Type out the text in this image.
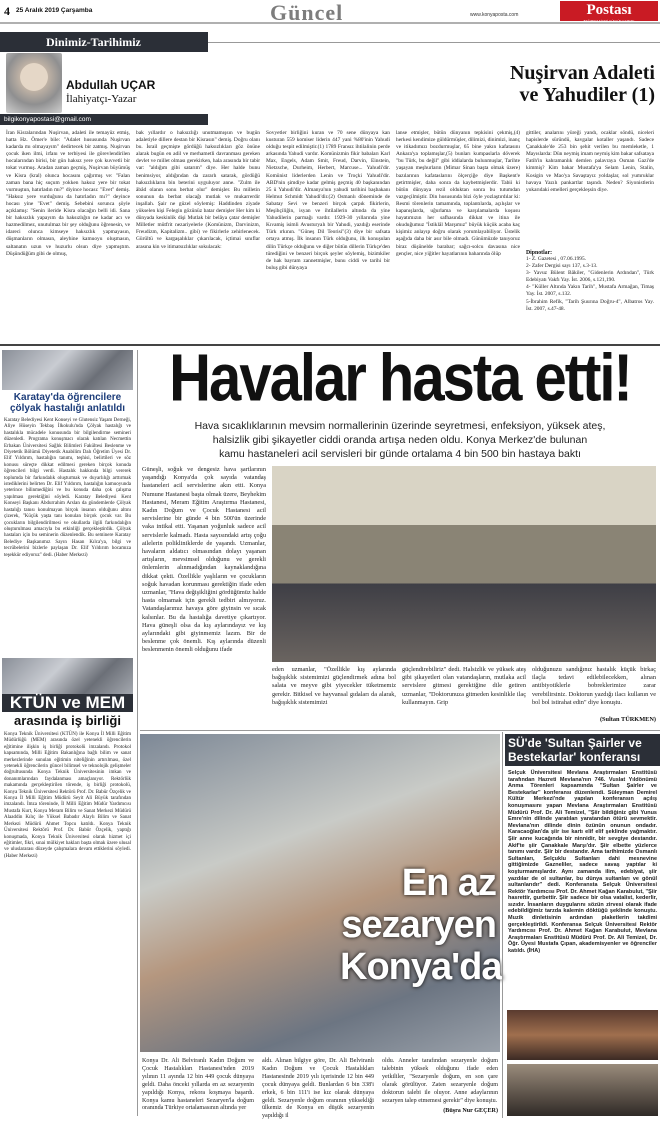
4 25 Aralık 2019 Çarşamba	Güncel	www.konyaposta.com	Postası
BAĞIMSIZ SİYASİ GÜNLÜK GAZETE
Dinimiz-Tarihimiz
Abdullah UÇAR
İlahiyatçı-Yazar
bilgikonyapostasi@gmail.com
Nuşirvan Adaleti
ve Yahudiler (1)
İran Kisralarından Nuşirvan, adaleti ile temayüz etmiş, hatta Hz. Ömer'e bile: "Adalet hususunda Nuşirvan kadarda mı olmayayım" dedirtecek bir zatmış. Nuşirvan çocuk iken ilmi, irfanı ve terbiyesi ile görevlendirilen hocalarından birisi, bir gün haksız yere çok kuvvetli bir tokat vurmuş. Aradan zaman geçmiş, Nuşirvan büyümüş ve Kisra (kral) olunca hocasını çağırmış ve: "Falan zaman bana hiç suçum yokken haksız yere bir tokat vurmuştun, hatırladın mı?" diyince hocası: "Evet" demiş. "Haksız yere vurduğunu da hatırladın mı?" deyince hocası yine "Evet" demiş. Sebebini sorunca şöyle açıklamış: "Senin ileride Kisra olacağın belli idi. Sana bir haksızlık yapayım da haksızlığın ne kadar acı ve hazmedilmez, unutulmaz bir şey olduğunu öğrenesin, ve idareci olunca kimseye haksızlık yapmayasın, düşmanların olmasın, aleyhine kamuoyu oluşmasın, saltanatın uzun ve huzurlu olsun diye yapmıştım. Düşündüğüm gibi de olmuş,
bak yıllardır o haksızlığı unutmamışsın ve bugün adaletiyle dillere destan bir Kisrasın" demiş. Doğru olanı bu. İsrail geçmişte gördüğü haksızlıkları göz önüne alarak bugün en adil ve merhametli davranması gereken devlet ve millet olması gerekirken, hala arasında bir tabir var: "aldığım gibi satarım" diye. Her halde bunu benimsiyor, aldığından da zararlı satarak, gördüğü haksızlıkların bin beterini uyguluyor anne. "Zulm ile âbâd olanın sonu berbat olur" demişler. Bu milletin sonunun da berbat olacağı mutlak ve mukarrerdir inşallah. Şair ne güzel söylemiş: Haddinden ziyade yükselen kişi Felegin gözünüz batar demişler Her kim ki dünyada keskinlik dişi Mutlak bir belâya çatar demişler Milletler mütfrit nezariyelerle (Komünizm, Darvinizm, Freudizm, Kapitalizm.. gibi) ve fikirlerle zehirlenecek. Gürültü ve kargaşalıklar çıkarılacak, içtimai sınıflar arasına kin ve itimatsızlıklar sokulacak:
Sovyetler birliğini kuran ve 70 sene dünyaya kan kusturan 559 komiser liderin 447 yani %80'inin Yahudi olduğu tespit edilmiştir.(1) 1789 Fransız ihtilalinin perde arkasında Yahudi vardır. Komünizmin fikir babaları Karl Max, Engels, Adam Smit, Freud, Darvin, Einstein, Nietzsche, Durheim, Herbert, Marcuse... Yahudi'dir. Komünist liderlerden Lenin ve Troçki Yahudi'dir. ABD'nin şimdiye kadar gelmiş geçmiş 40 başkanından 25 ü Yahudi'dir. Almanya'nın yahudi tarihini başbakanı Helmut Schmidt Yahudi'dir.(2) Osmanlı döneminde de Sabatay Sevi ve benzeri birçok çarpık fikirlerin, Meşihçiliğin, isyan ve ihtilallerin altında da yine Yahudilerin parmağı vardır. 1929-30 yıllarında yine Kıvamiş isimli Avusturyalı bir Yahudi, yazdığı eserinde Türk ırkının. "Güneş Dil Teorisi"(3) diye bir safsata ortaya atmış. İlk insanın Türk olduğunu, ilk konuşulan dilin Türkçe olduğunu ve diğer bütün dillerin Türkçe'den türediğini ve benzeri birçok şeyler söylemiş, bizimkiler de hak bayram zannetmişler, bunu ciddi ve tarihi bir buluş gibi dünyaya
lanse etmişler, bütün dünyanın tepkisini çekmiş,(4) herkesi kendimize güldürmüşler, dilimizi, dinimizi, inanç ve itikadımızı bozdurmuşlar, 65 bine yakın kafatasını Ankara'ya toplamışlar,(5) bunları kumpaslarla döverek "bu Türk, bu değil" gibi iddialarda bulunmuşlar, Tarihte yaşayan meşhurların (Mimar Sinan başta olmak üzere) bazılarının kafataslarını ölçerçiğe diye Başkent'e getirtmişler, daha sonra da kaybetmişlerdir. Tabii ki bütün dünyaya rezil olduktan sonra bu tutumdan vazgeçilmiştir. Din hususunda bizi öyle yozlaştırdılar ki: Resmi törenlerin tamamında, toplantılarda, açılışlar ve kapanışlarda, uğurlama ve karşılamalarda koşusu hayatımızın her safhasında dikkat ve itina ile okuduğumuz "İstiklâl Marşımız" büyük küçük acaba kaç kişimiz anlayıp doğru olarak yorumlayabiliyor. Üstelik aşağıda daha bir asır bile olmadı. Günümüzde tanıyoruz biraz düşünelde barabar; sağcı-solcu davasına nice gençler, nice yiğitler hayatlarının baharında ölüp
gittiler, analarını yüreği yandı, ocaklar söndü, niceleri hapislerde süründü, kavgalar kotaller yaşandı. Sadece Çanakkale'de 253 bin şehit verilen bu memleketle, 1 Mayıslarda: Dün neymiş imam neymiş kim bakar safsataya Fatih'in kahramanlık demlen palavraya Osman Gazi'de kimmiş? Kim bakar Mustafa'ya Selam Lenin, Stalin, Kosigin ve Mao'ya Savaştayız yoldaşlar, sol yumruklar havaya Yazılı pankartlar taşındı. Neden? Siyonistlerin yukarıdaki emelleri gerçekleşsin diye.
Dipnotlar:
1- Z. Gazetesi , 07.06.1995.
2- Zafer Dergisi sayı 137, s.3-13.
3- Yavuz Bülent Bâkiler, "Gidenlerin Ardından", Türk Edebiyatı Vakfı Yay. İst. 2006, s.121,190.
4- "Küller Altında Yakın Tarih", Mustafa Armağan, Timaş Yay. İst. 2007, s.132.
5-İbrahim Refik, "Tarih Şuurına Doğru-4", Albatros Yay. İst. 2007, s.47-48.
Karatay'da öğrencilere
çölyak hastalığı anlatıldı
Karatay Belediyesi Kent Konseyi ve Glutensiz Yaşam Derneği, Aliye Hüseyin Tekbaş İlkokulu'nda Çölyak hastalığı ve hastalıkla mücadele konusunda bir bilgilendirme semineri düzenledi. Programa konuşmacı olarak katılan Necmettin Erbakan Üniversitesi Sağlık Bilimleri Fakültesi Beslenme ve Diyetetik Bölümü Diyetetik Anabilim Dalı Öğretim Üyesi Dr. Elif Yıldırım, hastalığın tanımı, teşhisi, belirtileri ve söz konusu süreçte dikkat edilmesi gereken birçok konuda öğrencileri bilgi verdi. Hastalık hakkında bilgi vererek toplumda bir farkındalık oluşturmak ve duyarlılığı arttırmak istediklerini belirten Dr. Elif Yıldırım, hastalığın kamuoyunda yeterince bilinmediğini ve bu konuda daha çok çalışma yapılması gerektiğini söyledi. Karatay Belediyesi Kent Konseyi Başkanı Abdurrahim Arslan da gündemlerde Çölyak hastalığı tanısı konulmayan birçok insanın olduğunu altını çizerek, "Küçük yaşta tanı konulan birçok çocuk var. Bu çocukların bilgilendirilmesi ve okullarda ilgili farkındalığın oluşturulması amacıyla bu etkinliği gerçekleştirdik. Çölyak hastaları için bu seminerin düzenlendik. Bu seminere Karatay Belediye Başkanımız Sayın Hasan Kılca'ya, bilgi ve tecrübelerini bizlerle paylaşan Dr. Elif Yıldırım hocamıza teşekkür ediyoruz" dedi. (Haber Merkezi)
KTÜN ve MEM
arasında iş birliği
Konya Teknik Üniversitesi (KTÜN) ile Konya İl Milli Eğitim Müdürlüğü (MEM) arasında özel yetenekli öğrencilerin eğitimine ilişkin iş birliği protokolü imzalandı. Protokol kapsamında, Milli Eğitim Bakanlığına bağlı bilim ve sanat merkezlerinde sunulan eğitimin niteliğinin artırılması, özel yetenekli öğrencilerin güncel bilimsel ve teknolojik gelişmeler doğrultusunda Konya Teknik Üniversitesinin imkan ve donanımlarından faydalanması amaçlanıyor. Rektörlük makamında gerçekleştirilen törende, iş birliği protokolü, Konya Teknik Üniversitesi Rektörü Prof. Dr. Babür Özçelik ve Konya İl Milli Eğitim Müdürü Seyit Ali Büyük tarafından imzalandı. İmza töreninde, İl Milli Eğitim Müdür Yardımcısı Mustafa Kurt, Konya Meram Bilim ve Sanat Merkezi Müdürü Alaaddin Kılıç ile Yüksel Babadır Alaylı Bilim ve Sanat Merkezi Müdürü Ahmet Topcu katıldı. Konya Teknik Üniversitesi Rektörü Prof. Dr. Babür Özçelik, yaptığı konuşmada, Konya Teknik Üniversitesi olarak hizmet içi eğitimler, fikri, sınai mülkiyet hakları başta olmak üzere ulusal ve uluslararası düzeyde çalışmalara devam ettiklerini söyledi. (Haber Merkezi)
Havalar hasta etti!
Hava sıcaklıklarının mevsim normallerinin üzerinde seyretmesi, enfeksiyon, yüksek ateş,
halsizlik gibi şikayetler ciddi oranda artışa neden oldu. Konya Merkez'de bulunan
kamu hastaneleri acil servisleri bir günde ortalama 4 bin 500 bin hastaya baktı
Güneşli, soğuk ve dengesiz hava şartlarının yaşandığı Konya'da çok sayıda vatandaş hastaneleri acil servislerine akın etti. Konya Numune Hastanesi başta olmak üzere, Beyhekim Hastanesi, Meram Eğitim Araştırma Hastanesi, Kadın Doğum ve Çocuk Hastanesi acil servislerine bir günde 4 bin 500'ün üzerinde vaka intikal etti. Yaşanan yoğunluk sadece acil servislerle kalmadı. Hasta sayısındaki artış çoğu ailelerin polikliniklerde de yaşandı. Uzmanlar, havaların aldatıcı olmasından dolayı yaşanan artışların, mevsimsel olduğunu ve gerekli önlemlerin alınmadığından kaynaklandığına dikkat çekti. Özellikle yaşlıların ve çocukların soğuk havadan korunması gerektiğin ifade eden uzmanlar, "Hava değişikliğini gördüğümüz halde hasta olmamak için gerekli tedbiri almıyoruz. Vatandaşlarımız havaya göre giyinsin ve sıcak kalsınlar. Bu da hastalığa davetiye çıkartıyor. Hava güneşli olsa da kış aylarındayız ve kış aylarındaki gibi giyinmemiz lazım. Bir de beslenme çok önemli. Kış aylarında düzenli beslenmenin önemli olduğunu ifade
eden uzmanlar, "Özellikle kış aylarında bağışıklık sistemimizi güçlendirmek adına bol salata ve meyve gibi yiyecekler tüketmemiz gerekir. Bitkisel ve hayvansal gıdaları da alarak, bağışıklık sistemimizi
güçlendirebiliriz" dedi. Halsizlik ve yüksek ateş gibi şikayetleri olan vatandaşların, mutlaka acil servislere gitmesi gerektiğine dile getiren uzmanlar, "Doktorunuza gitmeden kesinlikle ilaç kullanmayın. Grip
olduğunuzu sandığınız hastalık küçük birkaç ilaçla tedavi edilebilecekken, alınan antibiyotiklerle bobreklerimize zarar verebilirsiniz. Doktorun yazdığı ilacı kullanın ve bol bol istirahat edin" diye konuştu.
(Sultan TÜRKMEN)
En az
sezaryen
Konya'da
Konya Dr. Ali Belviranlı Kadın Doğum ve Çocuk Hastalıkları Hastanesi'nden 2019 yılının 11 ayında 12 bin 449 çocuk dünyaya geldi. Daha önceki yıllarda en az sezaryenin yapıldığı Konya, rekora koşmaya başardı. Konya kamu hastaneleri Sezaryen'la doğum oranında Türkiye ortalamasının altında yer
aldı. Alınan bilgiye göre, Dr. Ali Belviranlı Kadın Doğum ve Çocuk Hastalıkları Hastanesinde 2019 yılı içerisinde 12 bin 449 çocuk dünyaya geldi. Bunlardan 6 bin 338'i erkek, 6 bin 111'i ise kız olarak dünyaya geldi. Sezaryenle doğum oranının yüksekliği ülkemiz de Konya en düşük sezaryenin yapıldığı il
oldu. Anneler tarafından sezaryenle doğum talebinin yüksek olduğunu ifade eden yetkililer, "Sezaryenle doğum, en son çare olarak görülüyor. Zaten sezaryenle doğum doktorun talebi ile oluyor. Anne adaylarının sezaryen talep etmemesi gerekir" diye konuştu.
(Büşra Nur GEÇER)
SÜ'de 'Sultan Şairler ve
Bestekarlar' konferansı
Selçuk Üniversitesi Mevlana Araştırmaları Enstitüsü tarafından Hazreti Mevlana'nın 746. Vuslat Yıldönümü Anma Törenleri kapsamında "Sultan Şairler ve Bestekarlar" konferansı düzenlendi. Süleyman Demirel Kültür Merkezi'nde yapılan konferansın açılış konuşmasını yapan Mevlana Araştırmaları Enstitüsü Müdürü Prof. Dr. Ali Temizel, "Şiir bildiğiniz gibi Yunus Emre'nin dilinde yaratılan yaratandan ötürü sevmektir. Mevlana'nın dilinde dinin özünün onunun ondadır. Karacaoğlan'da şiir ise kartı elif elif şeklinde yağmaktır. Şiir anne kucağında bir ninnidir, bir sevgiye destandır. Akif'te şiir Çanakkale Marşı'dır. Şiir elbette yüzlerce tanımı vardır. Şiir bir destandır. Ama tarihimizde Osmanlı Sultanları, Selçuklu Sultanları dahi mesnevine gittiğimizde Gazneliler, sadece savaş yaptılar ki koşturmamışlardır. Aynı zamanda ilim, edebiyat, şiir yazdılar de ol sultanlar, bu dünya sultanları ve gönül sultanlarıdır" dedi. Konferansta Selçuk Üniversitesi Rektör Yardımcısı Prof. Dr. Ahmet Kağan Karabulut, "Şiir hasrettir, gurbettir. Şiir sadece bir olsa vatalist, kederlir, sızıdır. İnsanların duygularını sözün zirvesi olarak ifade edebildiğimiz tarzda kalemin döktüğü şeklinde konuştu. Muzik dinletisinin ardından plaketlerin takdimi gerçekleştirildi. Konferansa Selçuk Üniversitesi Rektör Yardımcısı Prof. Dr. Ahmet Kağan Karabulut, Mevlana Araştırmaları Enstitüsü Müdürü Prof. Dr. Ali Temizel, Dr. Öğr. Üyesi Mustafa Çıpan, akademisyenler ve öğrenciler katıldı. (İHA)
